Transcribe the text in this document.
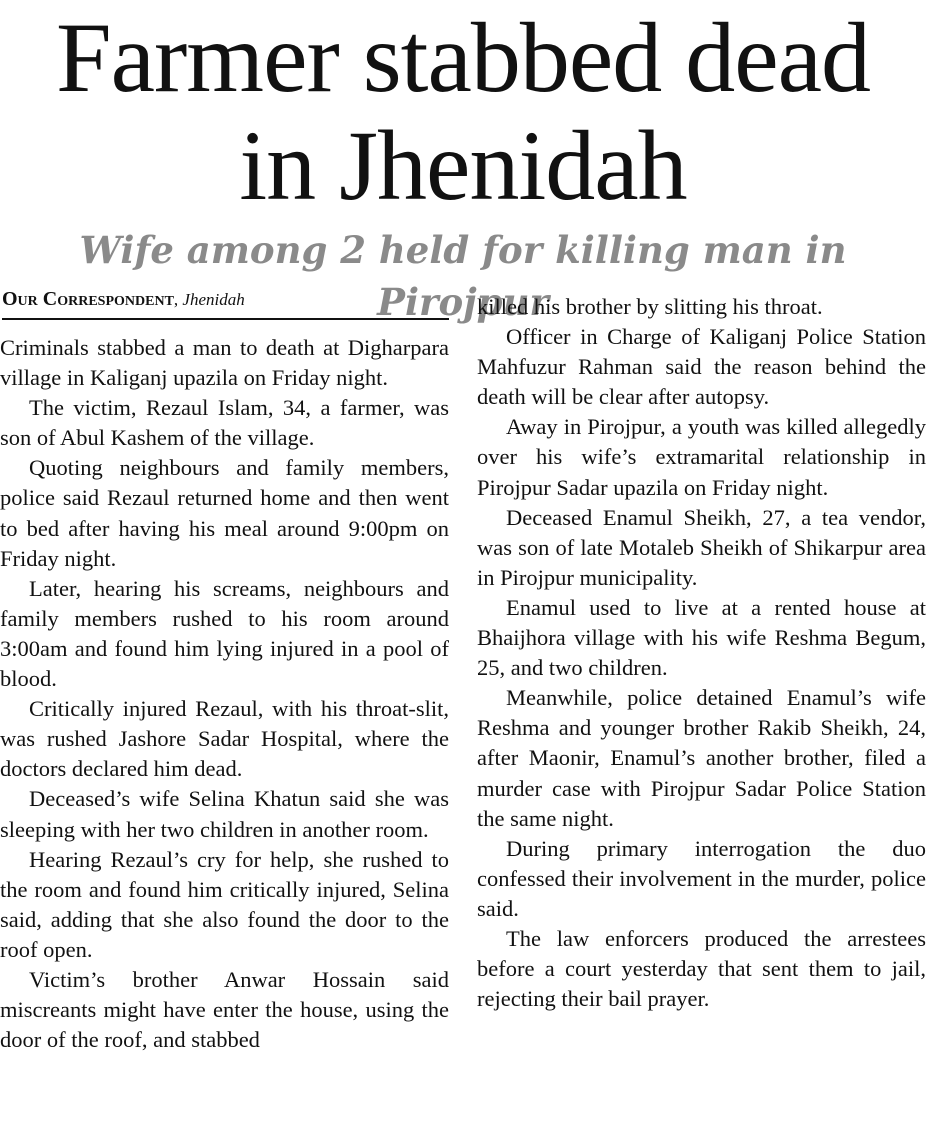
Farmer stabbed dead
in Jhenidah
Wife among 2 held for killing man in Pirojpur
Our Correspondent, Jhenidah

Criminals stabbed a man to death at Digharpara village in Kaliganj upazila on Friday night.

The victim, Rezaul Islam, 34, a farmer, was son of Abul Kashem of the village.

Quoting neighbours and family members, police said Rezaul returned home and then went to bed after having his meal around 9:00pm on Friday night.

Later, hearing his screams, neighbours and family members rushed to his room around 3:00am and found him lying injured in a pool of blood.

Critically injured Rezaul, with his throat-slit, was rushed Jashore Sadar Hospital, where the doctors declared him dead.

Deceased’s wife Selina Khatun said she was sleeping with her two children in another room.

Hearing Rezaul’s cry for help, she rushed to the room and found him critically injured, Selina said, adding that she also found the door to the roof open.

Victim’s brother Anwar Hossain said miscreants might have enter the house, using the door of the roof, and stabbed

killed his brother by slitting his throat.

Officer in Charge of Kaliganj Police Station Mahfuzur Rahman said the reason behind the death will be clear after autopsy.

Away in Pirojpur, a youth was killed allegedly over his wife’s extramarital relationship in Pirojpur Sadar upazila on Friday night.

Deceased Enamul Sheikh, 27, a tea vendor, was son of late Motaleb Sheikh of Shikarpur area in Pirojpur municipality.

Enamul used to live at a rented house at Bhaijhora village with his wife Reshma Begum, 25, and two children.

Meanwhile, police detained Enamul’s wife Reshma and younger brother Rakib Sheikh, 24, after Maonir, Enamul’s another brother, filed a murder case with Pirojpur Sadar Police Station the same night.

During primary interrogation the duo confessed their involvement in the murder, police said.

The law enforcers produced the arrestees before a court yesterday that sent them to jail, rejecting their bail prayer.
